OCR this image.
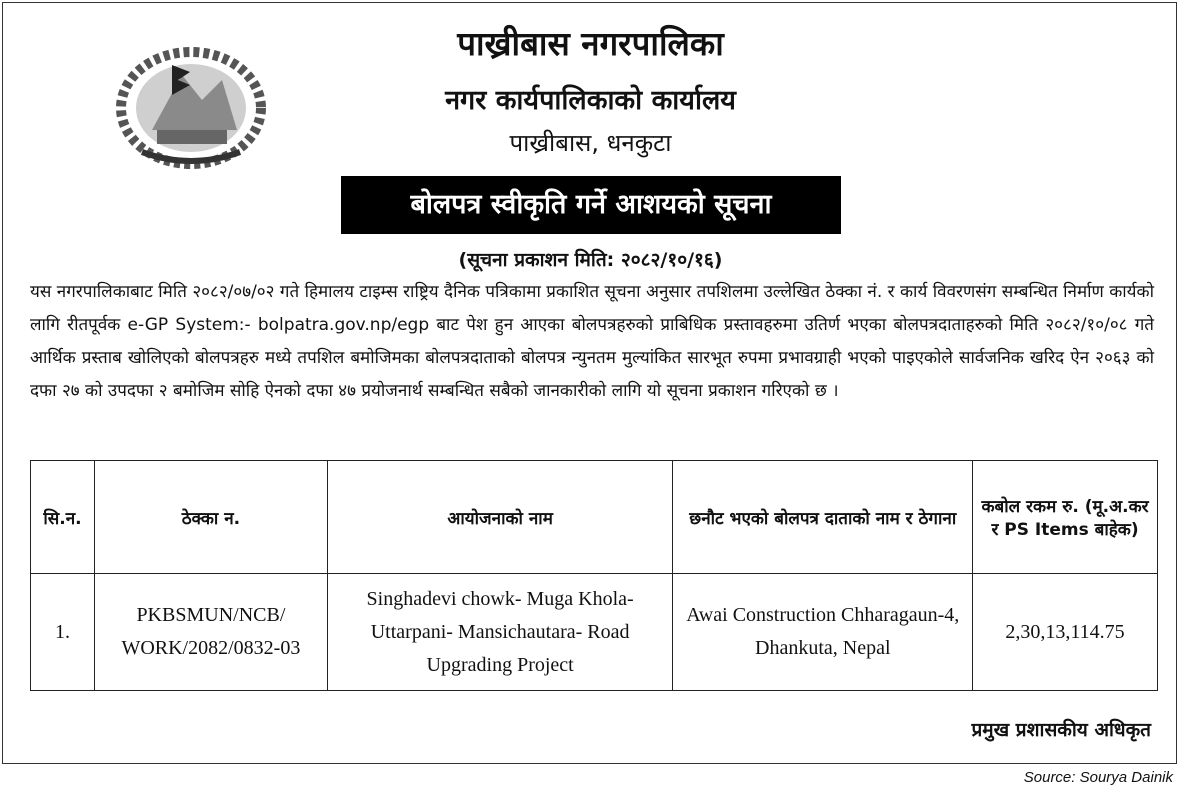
पाख्रीबास नगरपालिका
नगर कार्यपालिकाको कार्यालय
पाख्रीबास, धनकुटा
बोलपत्र स्वीकृति गर्ने आशयको सूचना
(सूचना प्रकाशन मिति: २०८२/१०/१६)
यस नगरपालिकाबाट मिति २०८२/०७/०२ गते हिमालय टाइम्स राष्ट्रिय दैनिक पत्रिकामा प्रकाशित सूचना अनुसार तपशिलमा उल्लेखित ठेक्का नं. र कार्य विवरणसंग सम्बन्धित निर्माण कार्यको लागि रीतपूर्वक e-GP System:- bolpatra.gov.np/egp बाट पेश हुन आएका बोलपत्रहरुको प्राबिधिक प्रस्तावहरुमा उतिर्ण भएका बोलपत्रदाताहरुको मिति २०८२/१०/०८ गते आर्थिक प्रस्ताब खोलिएको बोलपत्रहरु मध्ये तपशिल बमोजिमका बोलपत्रदाताको बोलपत्र न्युनतम मुल्यांकित सारभूत रुपमा प्रभावग्राही भएको पाइएकोले सार्वजनिक खरिद ऐन २०६३ को दफा २७ को उपदफा २ बमोजिम सोहि ऐनको दफा ४७ प्रयोजनार्थ सम्बन्धित सबैको जानकारीको लागि यो सूचना प्रकाशन गरिएको छ ।
सि.न.	ठेक्का न.	आयोजनाको नाम	छनौट भएको बोलपत्र दाताको नाम र ठेगाना	कबोल रकम रु. (मू.अ.कर र PS Items बाहेक)
1.	PKBSMUN/NCB/ WORK/2082/0832-03	Singhadevi chowk- Muga Khola- Uttarpani- Mansichautara- Road Upgrading Project	Awai Construction Chharagaun-4, Dhankuta, Nepal	2,30,13,114.75
प्रमुख प्रशासकीय अधिकृत
Source: Sourya Dainik
